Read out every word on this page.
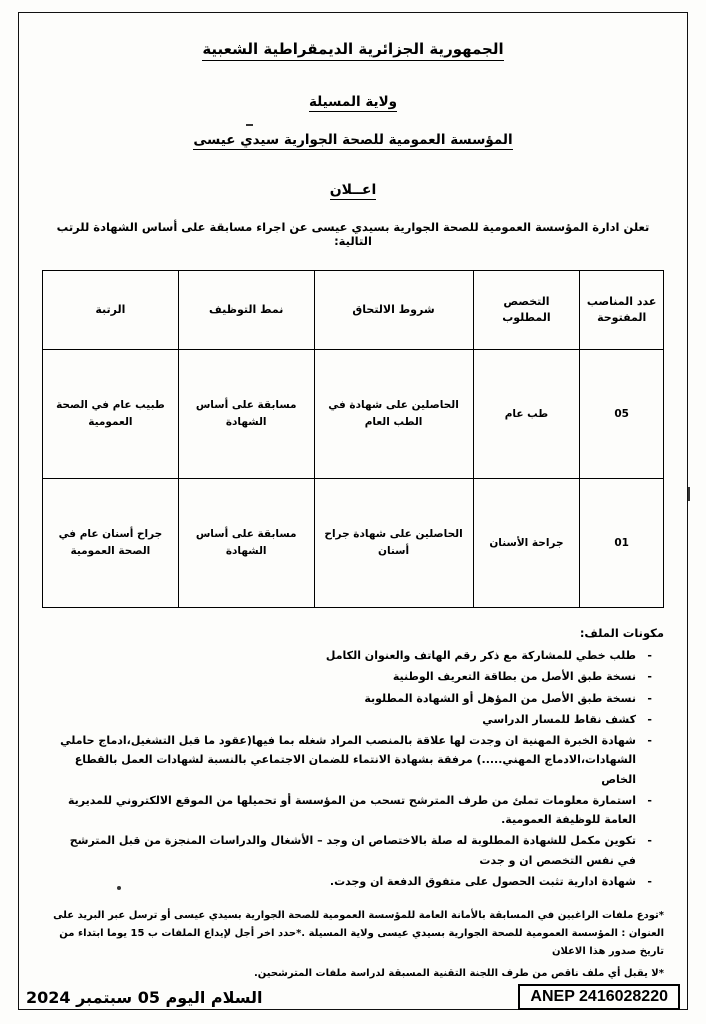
الجمهورية الجزائرية الديمقراطية الشعبية
ولاية المسيلة
المؤسسة العمومية للصحة الجوارية سيدي عيسى
اعــلان
تعلن ادارة المؤسسة العمومية للصحة الجوارية بسيدي عيسى عن اجراء مسابقة على أساس الشهادة للرتب التالية:
عدد المناصب المفتوحة	التخصص المطلوب	شروط الالتحاق	نمط التوظيف	الرتبة
05	طب عام	الحاصلين على شهادة في الطب العام	مسابقة على أساس الشهادة	طبيب عام في الصحة العمومية
01	جراحة الأسنان	الحاصلين على شهادة جراح أسنان	مسابقة على أساس الشهادة	جراح أسنان عام في الصحة العمومية
مكونات الملف:
- طلب خطي للمشاركة مع ذكر رقم الهاتف والعنوان الكامل
- نسخة طبق الأصل من بطاقة التعريف الوطنية
- نسخة طبق الأصل من المؤهل أو الشهادة المطلوبة
- كشف نقاط للمسار الدراسي
- شهادة الخبرة المهنية ان وجدت لها علاقة بالمنصب المراد شغله بما فيها(عقود ما قبل التشغيل،ادماج حاملي الشهادات،الادماج المهني.....) مرفقة بشهادة الانتماء للضمان الاجتماعي بالنسبة لشهادات العمل بالقطاع الخاص
- استمارة معلومات تملئ من طرف المترشح تسحب من المؤسسة أو تحميلها من الموقع الالكتروني للمديرية العامة للوظيفة العمومية.
- تكوين مكمل للشهادة المطلوبة له صلة بالاختصاص ان وجد – الأشغال والدراسات المنجزة من قبل المترشح في نفس التخصص ان و جدت
- شهادة ادارية تثبت الحصول على متفوق الدفعة ان وجدت.
*تودع ملفات الراغبين في المسابقة بالأمانة العامة للمؤسسة العمومية للصحة الجوارية بسيدي عيسى أو ترسل عبر البريد على العنوان : المؤسسة العمومية للصحة الجوارية بسيدي عيسى ولاية المسيلة .*حدد اخر أجل لإيداع الملفات ب 15 يوما ابتداء من تاريخ صدور هذا الاعلان
*لا يقبل أي ملف ناقص من طرف اللجنة التقنية المسبقة لدراسة ملفات المترشحين.
ANEP 2416028220
السلام اليوم 05 سبتمبر 2024
